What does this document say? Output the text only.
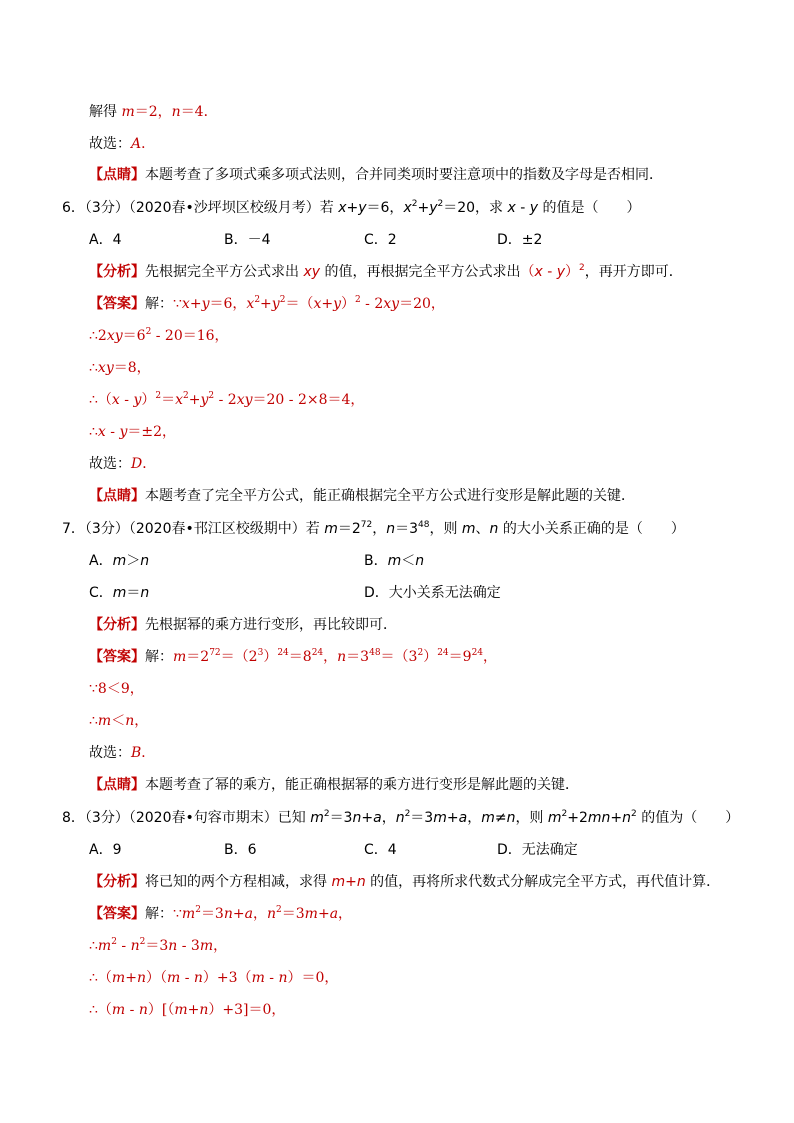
解得 m＝2，n＝4．
故选：A．
【点睛】本题考查了多项式乘多项式法则，合并同类项时要注意项中的指数及字母是否相同．
6．（3分）（2020春•沙坪坝区校级月考）若 x+y＝6，$x^2+y^2=20$，求 x - y 的值是（　　）
A．4	B．－4	C．2	D．±2
【分析】先根据完全平方公式求出 xy 的值，再根据完全平方公式求出（x - y）$^2$，再开方即可．
【答案】解：∵x+y＝6，$x^2+y^2=(x+y)^2 - 2xy=20$，
$\therefore 2xy=6^2 - 20=16$，
∴xy＝8，
∴（x - $y)^2=x^2+y^2 - 2xy=20 - 2\times 8=4$，
∴x - y＝±2，
故选：D．
【点睛】本题考查了完全平方公式，能正确根据完全平方公式进行变形是解此题的关键．
7．（3分）（2020春•邗江区校级期中）若 $m=2^{72}$，$n=3^{48}$，则 m、n 的大小关系正确的是（　　）
A．m＞n	B．m＜n
C．m＝n	D．大小关系无法确定
【分析】先根据幂的乘方进行变形，再比较即可．
【答案】解：$m=2^{72}=(2^3)^{24}=8^{24}$，$n=3^{48}=(3^2)^{24}=9^{24}$，
∵8＜9，
∴m＜n，
故选：B．
【点睛】本题考查了幂的乘方，能正确根据幂的乘方进行变形是解此题的关键．
8．（3分）（2020春•句容市期末）已知 $m^2=3n+a$，$n^2=3m+a$，m≠n，则 $m^2+2mn+n^2$ 的值为（　　）
A．9	B．6	C．4	D．无法确定
【分析】将已知的两个方程相减，求得 m+n 的值，再将所求代数式分解成完全平方式，再代值计算．
【答案】解：$\because m^2=3n+a$，$n^2=3m+a$，
$\therefore m^2 - n^2=3n - 3m$，
∴（m+n）（m - n）+3（m - n）＝0，
∴（m - n）[（m+n）+3]＝0，
